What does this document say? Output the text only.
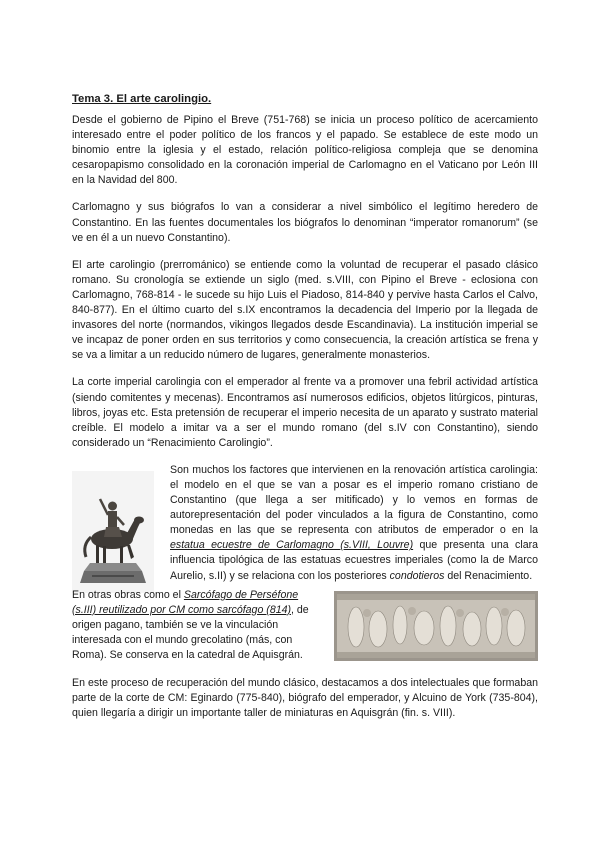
Tema 3. El arte carolingio.

Desde el gobierno de Pipino el Breve (751-768) se inicia un proceso político de acercamiento interesado entre el poder político de los francos y el papado. Se establece de este modo un binomio entre la iglesia y el estado, relación político-religiosa compleja que se denomina cesaropapismo consolidado en la coronación imperial de Carlomagno en el Vaticano por León III en la Navidad del 800.

Carlomagno y sus biógrafos lo van a considerar a nivel simbólico el legítimo heredero de Constantino. En las fuentes documentales los biógrafos lo denominan “imperator romanorum” (se ve en él a un nuevo Constantino).

El arte carolingio (prerrománico) se entiende como la voluntad de recuperar el pasado clásico romano. Su cronología se extiende un siglo (med. s.VIII, con Pipino el Breve - eclosiona con Carlomagno, 768-814 - le sucede su hijo Luis el Piadoso, 814-840 y pervive hasta Carlos el Calvo, 840-877). En el último cuarto del s.IX encontramos la decadencia del Imperio por la llegada de invasores del norte (normandos, vikingos llegados desde Escandinavia). La institución imperial se ve incapaz de poner orden en sus territorios y como consecuencia, la creación artística se frena y se va a limitar a un reducido número de lugares, generalmente monasterios.

La corte imperial carolingia con el emperador al frente va a promover una febril actividad artística (siendo comitentes y mecenas). Encontramos así numerosos edificios, objetos litúrgicos, pinturas, libros, joyas etc. Esta pretensión de recuperar el imperio necesita de un aparato y sustrato material creíble. El modelo a imitar va a ser el mundo romano (del s.IV con Constantino), siendo considerado un “Renacimiento Carolingio”.

Son muchos los factores que intervienen en la renovación artística carolingia: el modelo en el que se van a posar es el imperio romano cristiano de Constantino (que llega a ser mitificado) y lo vemos en formas de autorepresentación del poder vinculados a la figura de Constantino, como monedas en las que se representa con atributos de emperador o en la estatua ecuestre de Carlomagno (s.VIII, Louvre) que presenta una clara influencia tipológica de las estatuas ecuestres imperiales (como la de Marco Aurelio, s.II) y se relaciona con los posteriores condotieros del Renacimiento.

En otras obras como el Sarcófago de Perséfone (s.III) reutilizado por CM como sarcófago (814), de origen pagano, también se ve la vinculación interesada con el mundo grecolatino (más, con Roma). Se conserva en la catedral de Aquisgrán.

En este proceso de recuperación del mundo clásico, destacamos a dos intelectuales que formaban parte de la corte de CM: Eginardo (775-840), biógrafo del emperador, y Alcuino de York (735-804), quien llegaría a dirigir un importante taller de miniaturas en Aquisgrán (fin. s. VIII).
